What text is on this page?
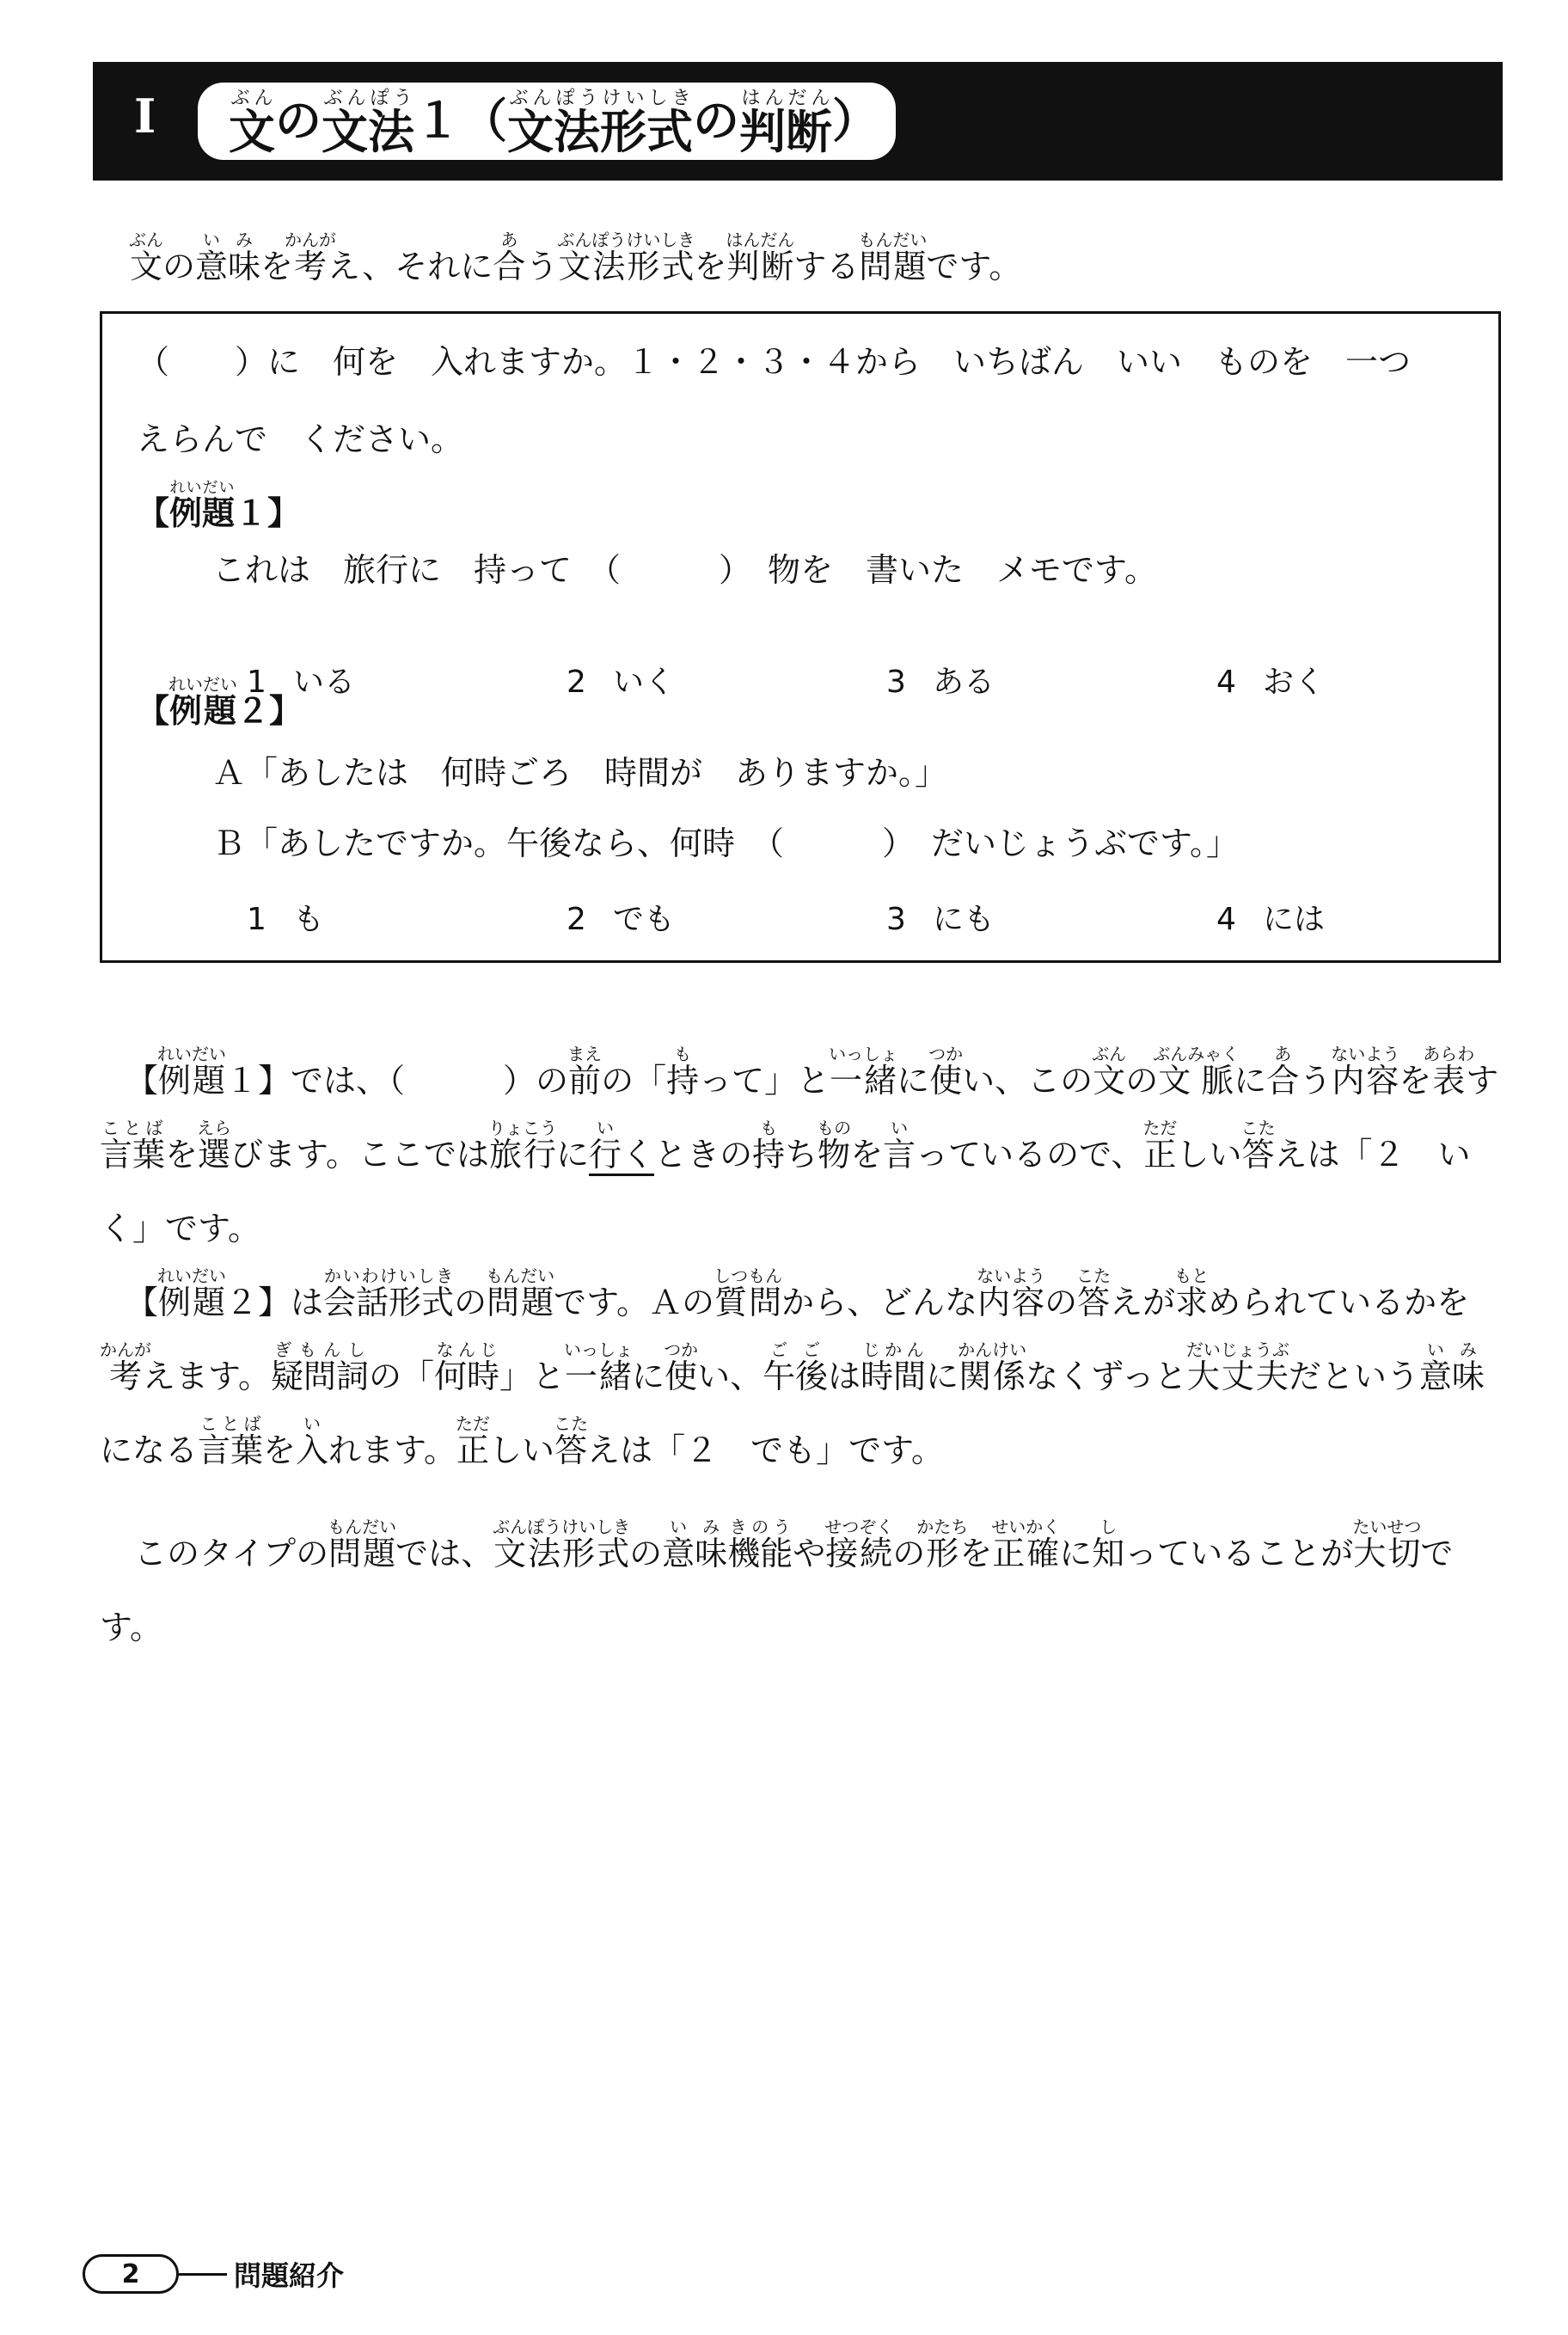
I 文ぶん の 文法ぶんぽう １（ 文法形式ぶんぽうけいしき の 判断はんだん ）
文ぶんの意味いみを考かんがえ、それに合あう文法形式ぶんぽうけいしきを判断はんだんする問題もんだいです。
（　　）に　何を　入れますか。１・２・３・４から　いちばん　いい　ものを　一つ
えらんで　ください。
【例題れいだい１】
これは　旅行に　持って　（　　　）　物を　書いた　メモです。
1 いる	2 いく	3 ある	4 おく
【例題れいだい２】
Ａ「あしたは　何時ごろ　時間が　ありますか。」
Ｂ「あしたですか。午後なら、何時　（　　　）　だいじょうぶです。」
1 も	2 でも	3 にも	4 には

【例題れいだい１】では、（　　　）の前まえの「持もって」と一緒いっしょに使つかい、この文ぶんの文脈ぶんみゃくに合あう内容ないようを表あらわす言葉ことばを選えらびます。ここでは旅行りょこうに行いくときの持もち物ものを言いっているので、正ただしい答こたえは「２　いく」です。

【例題れいだい２】は会話形式かいわけいしきの問題もんだいです。Ａの質問しつもんから、どんな内容ないようの答こたえが求もとめられているかを考かんがえます。疑問詞ぎもんしの「何時なんじ」と一緒いっしょに使つかい、午後ごごは時間じかんに関係かんけいなくずっと大丈夫だいじょうぶだという意味いみになる言葉ことばを入いれます。正ただしい答こたえは「２　でも」です。

このタイプの問題もんだいでは、文法形式ぶんぽうけいしきの意味いみ機能きのうや接続せつぞくの形かたちを正確せいかくに知しっていることが大切たいせつです。

2	問題紹介
